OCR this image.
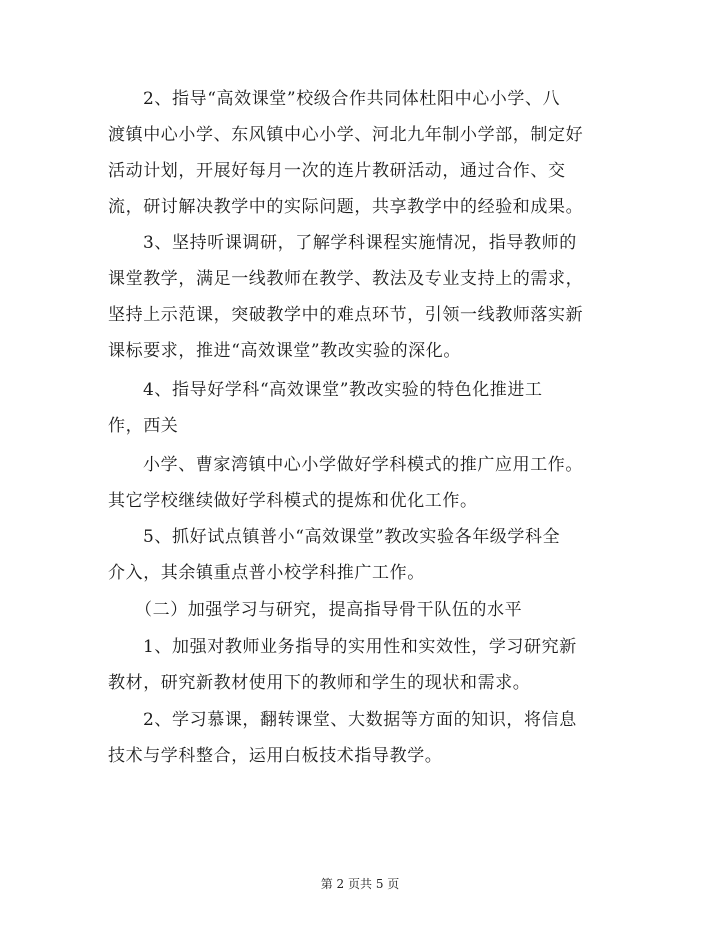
2、指导“高效课堂”校级合作共同体杜阳中心小学、八
渡镇中心小学、东风镇中心小学、河北九年制小学部，制定好
活动计划，开展好每月一次的连片教研活动，通过合作、交
流，研讨解决教学中的实际问题，共享教学中的经验和成果。
3、坚持听课调研，了解学科课程实施情况，指导教师的
课堂教学，满足一线教师在教学、教法及专业支持上的需求，
坚持上示范课，突破教学中的难点环节，引领一线教师落实新
课标要求，推进“高效课堂”教改实验的深化。
4、指导好学科“高效课堂”教改实验的特色化推进工
作，西关
小学、曹家湾镇中心小学做好学科模式的推广应用工作。
其它学校继续做好学科模式的提炼和优化工作。
5、抓好试点镇普小“高效课堂”教改实验各年级学科全
介入，其余镇重点普小校学科推广工作。
（二）加强学习与研究，提高指导骨干队伍的水平
1、加强对教师业务指导的实用性和实效性，学习研究新
教材，研究新教材使用下的教师和学生的现状和需求。
2、学习慕课，翻转课堂、大数据等方面的知识，将信息
技术与学科整合，运用白板技术指导教学。
第 2 页共 5 页
